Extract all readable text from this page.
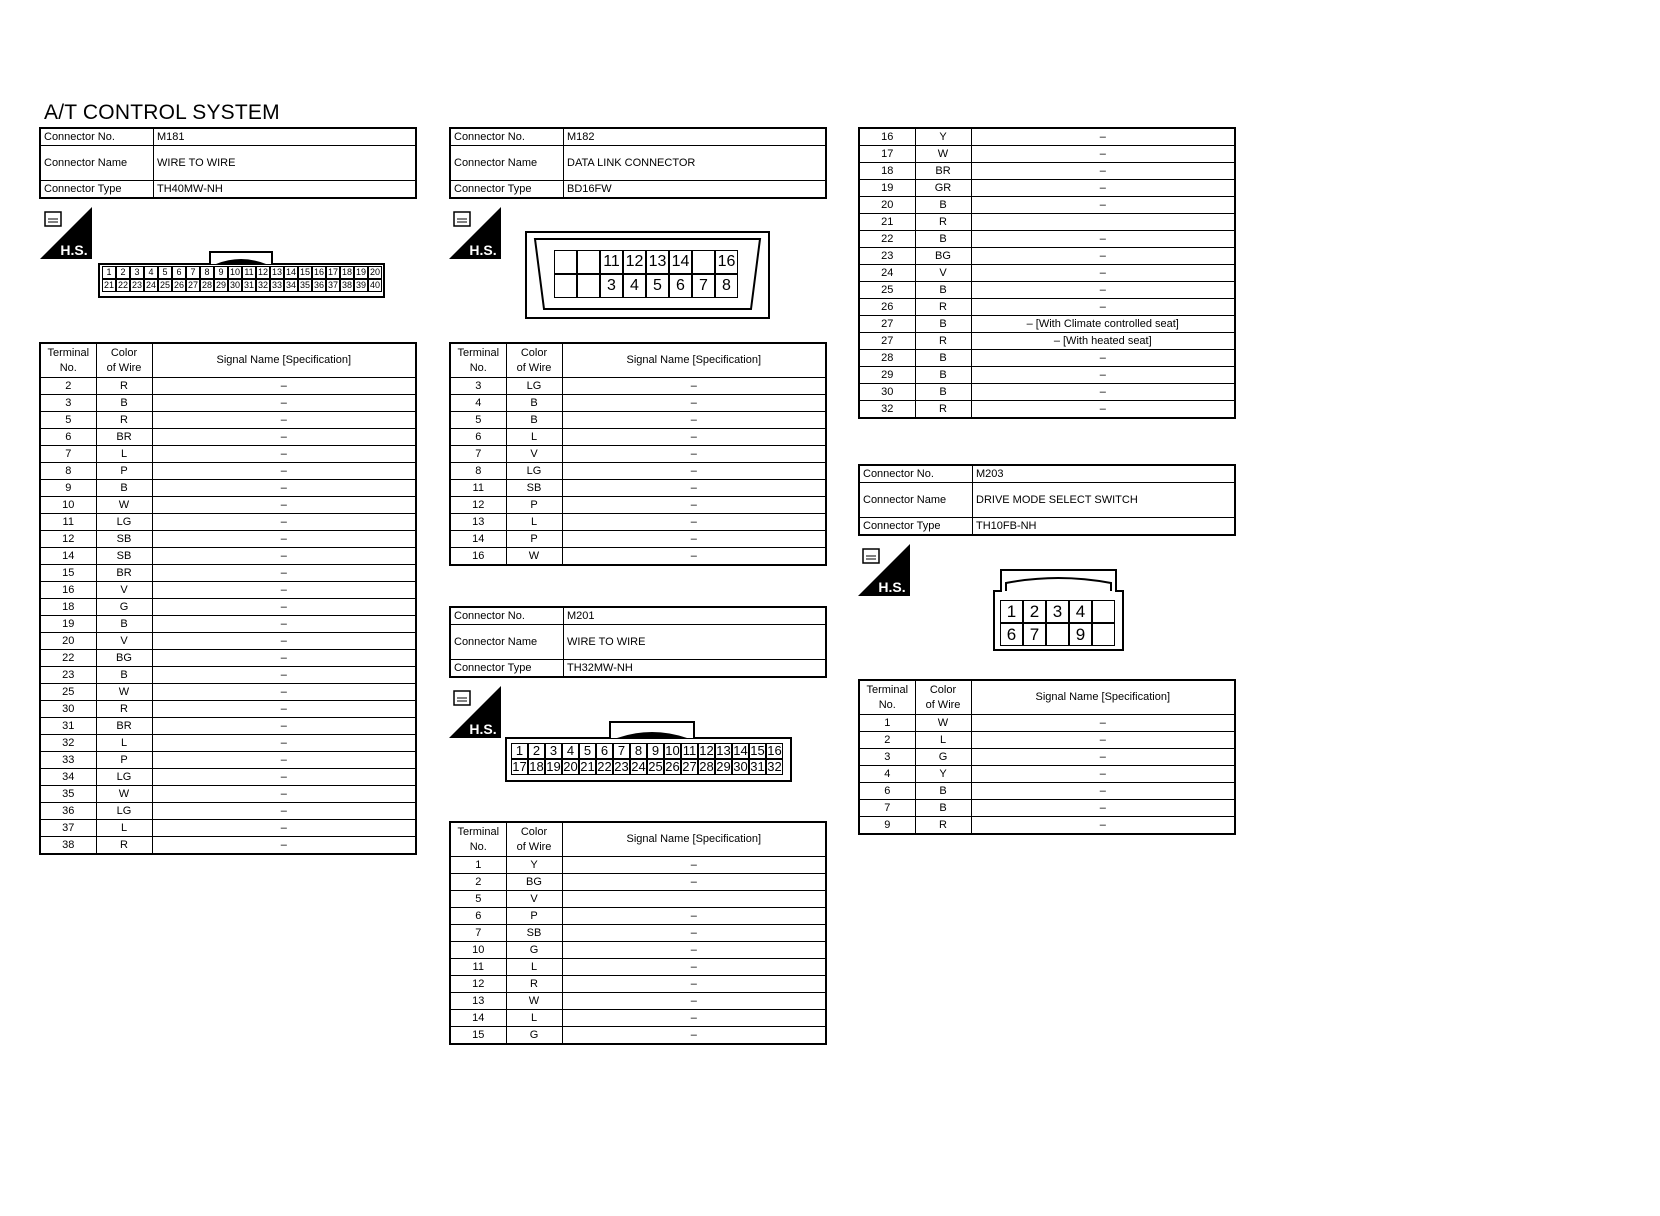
A/T CONTROL SYSTEM
Connector No.	M181
Connector Name	WIRE TO WIRE
Connector Type	TH40MW-NH
H.S.
1 2 3 4 5 6 7 8 9 10 11 12 13 14 15 16 17 18 19 20
21 22 23 24 25 26 27 28 29 30 31 32 33 34 35 36 37 38 39 40
Terminal
No.	Color
of Wire	Signal Name [Specification]
2	R	–
3	B	–
5	R	–
6	BR	–
7	L	–
8	P	–
9	B	–
10	W	–
11	LG	–
12	SB	–
14	SB	–
15	BR	–
16	V	–
18	G	–
19	B	–
20	V	–
22	BG	–
23	B	–
25	W	–
30	R	–
31	BR	–
32	L	–
33	P	–
34	LG	–
35	W	–
36	LG	–
37	L	–
38	R	–
Connector No.	M182
Connector Name	DATA LINK CONNECTOR
Connector Type	BD16FW
H.S.
11 12 13 14 16
3 4 5 6 7 8
Terminal
No.	Color
of Wire	Signal Name [Specification]
3	LG	–
4	B	–
5	B	–
6	L	–
7	V	–
8	LG	–
11	SB	–
12	P	–
13	L	–
14	P	–
16	W	–
Connector No.	M201
Connector Name	WIRE TO WIRE
Connector Type	TH32MW-NH
H.S.
1 2 3 4 5 6 7 8 9 10 11 12 13 14 15 16
17 18 19 20 21 22 23 24 25 26 27 28 29 30 31 32
Terminal
No.	Color
of Wire	Signal Name [Specification]
1	Y	–
2	BG	–
5	V	
6	P	–
7	SB	–
10	G	–
11	L	–
12	R	–
13	W	–
14	L	–
15	G	–
16	Y	–
17	W	–
18	BR	–
19	GR	–
20	B	–
21	R	
22	B	–
23	BG	–
24	V	–
25	B	–
26	R	–
27	B	– [With Climate controlled seat]
27	R	– [With heated seat]
28	B	–
29	B	–
30	B	–
32	R	–
Connector No.	M203
Connector Name	DRIVE MODE SELECT SWITCH
Connector Type	TH10FB-NH
H.S.
1 2 3 4
6 7	9
Terminal
No.	Color
of Wire	Signal Name [Specification]
1	W	–
2	L	–
3	G	–
4	Y	–
6	B	–
7	B	–
9	R	–
